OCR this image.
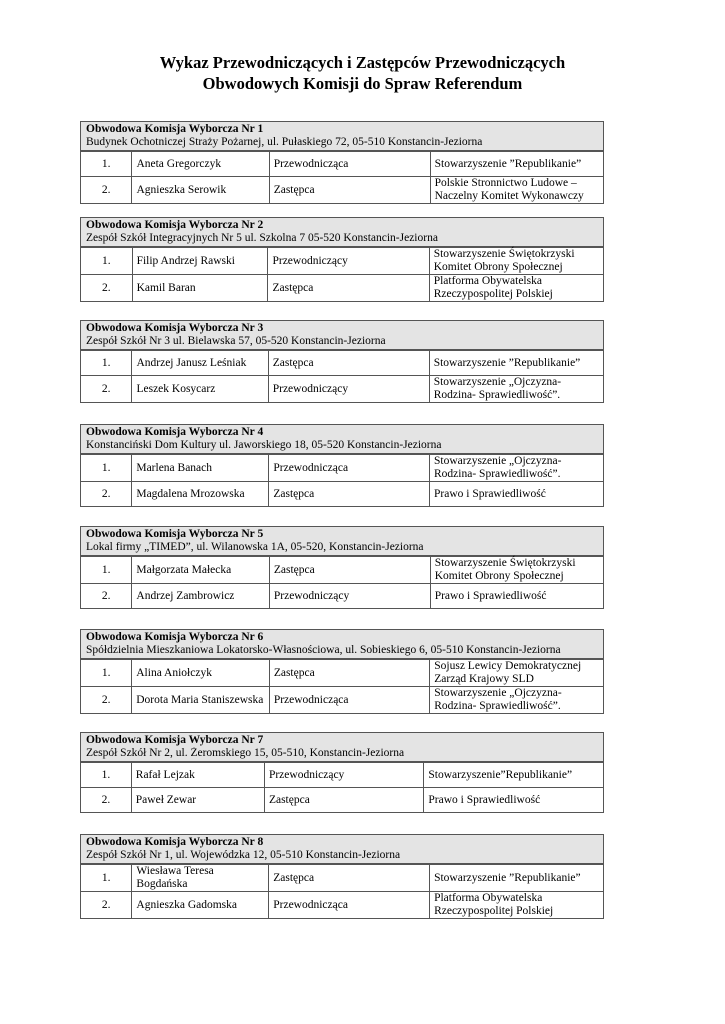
Wykaz Przewodniczących i Zastępców Przewodniczących
Obwodowych Komisji do Spraw Referendum
Obwodowa Komisja Wyborcza Nr 1
Budynek Ochotniczej Straży Pożarnej, ul. Pułaskiego 72, 05-510 Konstancin-Jeziorna
1.	Aneta Gregorczyk	Przewodnicząca	Stowarzyszenie ”Republikanie”
2.	Agnieszka Serowik	Zastępca	Polskie Stronnictwo Ludowe – Naczelny Komitet Wykonawczy
Obwodowa Komisja Wyborcza Nr 2
Zespół Szkół Integracyjnych Nr 5 ul. Szkolna 7 05-520 Konstancin-Jeziorna
1.	Filip Andrzej Rawski	Przewodniczący	Stowarzyszenie Świętokrzyski Komitet Obrony Społecznej
2.	Kamil Baran	Zastępca	Platforma Obywatelska Rzeczypospolitej Polskiej
Obwodowa Komisja Wyborcza Nr 3
Zespół Szkół Nr 3 ul. Bielawska 57, 05-520 Konstancin-Jeziorna
1.	Andrzej Janusz Leśniak	Zastępca	Stowarzyszenie ”Republikanie”
2.	Leszek Kosycarz	Przewodniczący	Stowarzyszenie „Ojczyzna-Rodzina- Sprawiedliwość”.
Obwodowa Komisja Wyborcza Nr 4
Konstanciński Dom Kultury ul. Jaworskiego 18, 05-520 Konstancin-Jeziorna
1.	Marlena Banach	Przewodnicząca	Stowarzyszenie „Ojczyzna-Rodzina- Sprawiedliwość”.
2.	Magdalena Mrozowska	Zastępca	Prawo i Sprawiedliwość
Obwodowa Komisja Wyborcza Nr 5
Lokal firmy „TIMED”, ul. Wilanowska 1A, 05-520, Konstancin-Jeziorna
1.	Małgorzata Małecka	Zastępca	Stowarzyszenie Świętokrzyski Komitet Obrony Społecznej
2.	Andrzej Zambrowicz	Przewodniczący	Prawo i Sprawiedliwość
Obwodowa Komisja Wyborcza Nr 6
Spółdzielnia Mieszkaniowa Lokatorsko-Własnościowa, ul. Sobieskiego 6, 05-510 Konstancin-Jeziorna
1.	Alina Aniołczyk	Zastępca	Sojusz Lewicy Demokratycznej Zarząd Krajowy SLD
2.	Dorota Maria Staniszewska	Przewodnicząca	Stowarzyszenie „Ojczyzna-Rodzina- Sprawiedliwość”.
Obwodowa Komisja Wyborcza Nr 7
Zespół Szkół Nr 2, ul. Żeromskiego 15, 05-510, Konstancin-Jeziorna
1.	Rafał Lejzak	Przewodniczący	Stowarzyszenie”Republikanie”
2.	Paweł Zewar	Zastępca	Prawo i Sprawiedliwość
Obwodowa Komisja Wyborcza Nr 8
Zespół Szkół Nr 1, ul. Wojewódzka 12, 05-510 Konstancin-Jeziorna
1.	Wiesława Teresa Bogdańska	Zastępca	Stowarzyszenie ”Republikanie”
2.	Agnieszka Gadomska	Przewodnicząca	Platforma Obywatelska Rzeczypospolitej Polskiej
